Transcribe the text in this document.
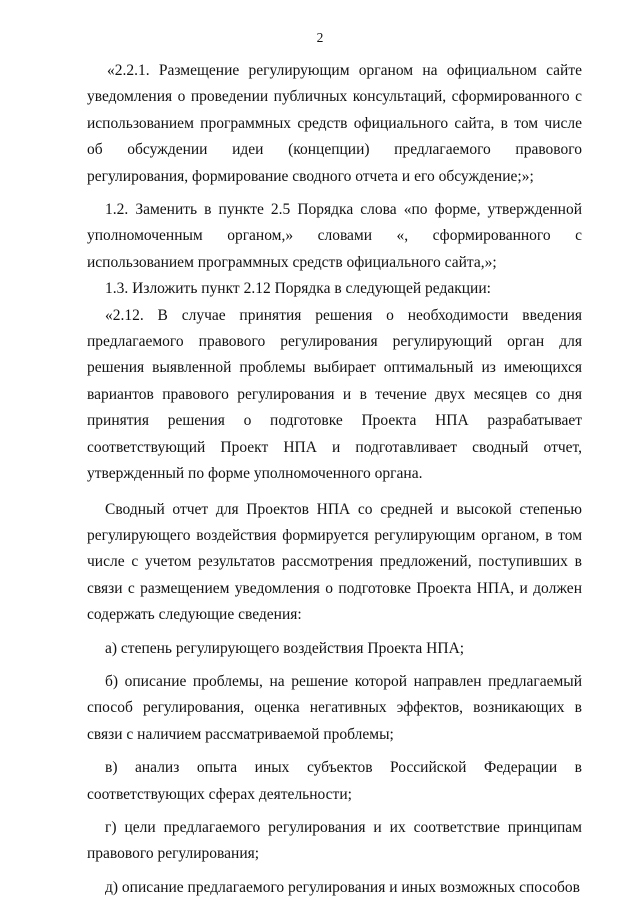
2

«2.2.1. Размещение регулирующим органом на официальном сайте уведомления о проведении публичных консультаций, сформированного с использованием программных средств официального сайта, в том числе об обсуждении идеи (концепции) предлагаемого правового регулирования, формирование сводного отчета и его обсуждение;»;

1.2. Заменить в пункте 2.5 Порядка слова «по форме, утвержденной уполномоченным органом,» словами «, сформированного с использованием программных средств официального сайта,»;

1.3. Изложить пункт 2.12 Порядка в следующей редакции:

«2.12. В случае принятия решения о необходимости введения предлагаемого правового регулирования регулирующий орган для решения выявленной проблемы выбирает оптимальный из имеющихся вариантов правового регулирования и в течение двух месяцев со дня принятия решения о подготовке Проекта НПА разрабатывает соответствующий Проект НПА и подготавливает сводный отчет, утвержденный по форме уполномоченного органа.

Сводный отчет для Проектов НПА со средней и высокой степенью регулирующего воздействия формируется регулирующим органом, в том числе с учетом результатов рассмотрения предложений, поступивших в связи с размещением уведомления о подготовке Проекта НПА, и должен содержать следующие сведения:

а) степень регулирующего воздействия Проекта НПА;

б) описание проблемы, на решение которой направлен предлагаемый способ регулирования, оценка негативных эффектов, возникающих в связи с наличием рассматриваемой проблемы;

в) анализ опыта иных субъектов Российской Федерации в соответствующих сферах деятельности;

г) цели предлагаемого регулирования и их соответствие принципам правового регулирования;

д) описание предлагаемого регулирования и иных возможных способов
